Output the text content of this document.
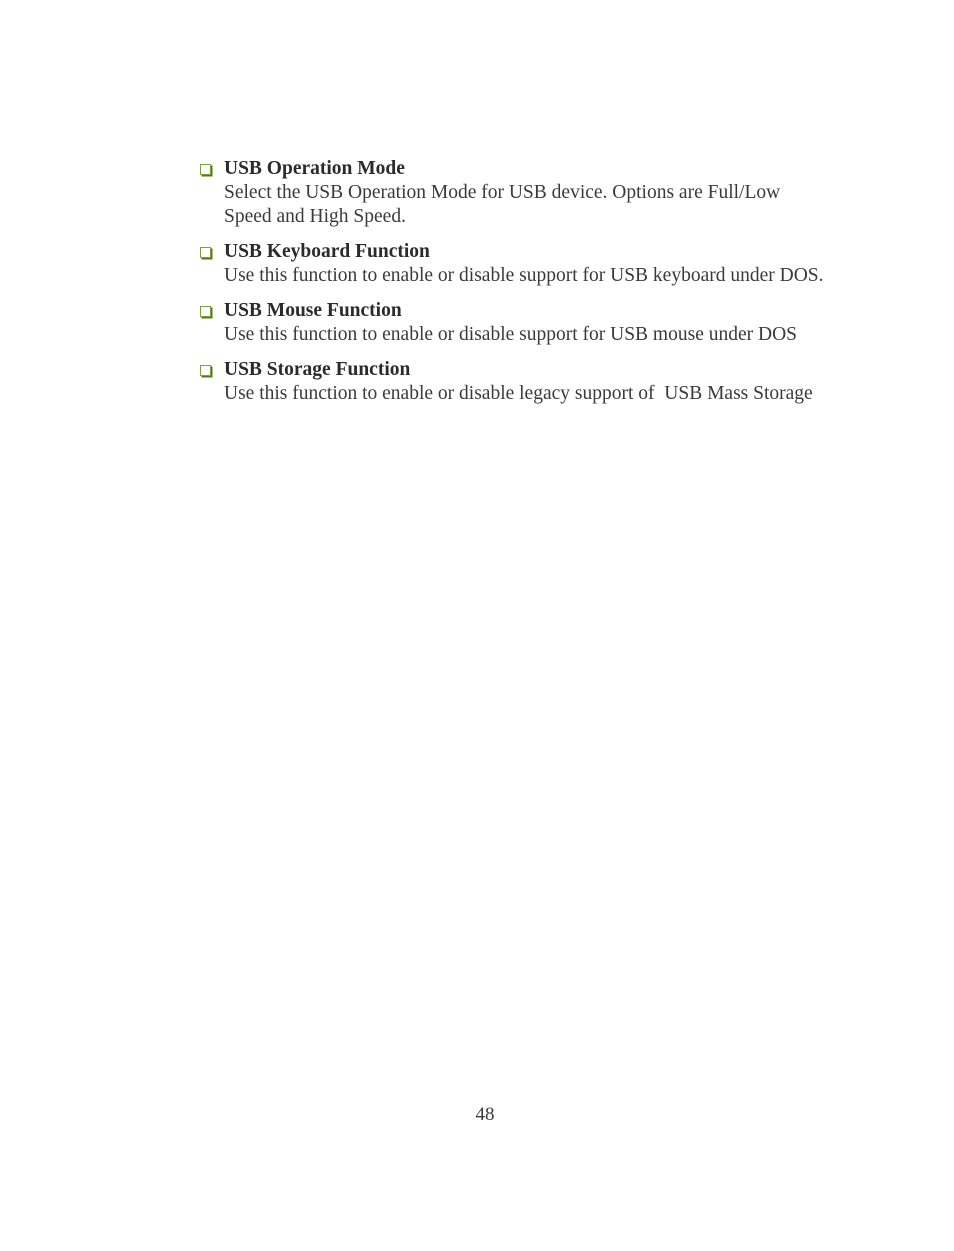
USB Operation Mode
Select the USB Operation Mode for USB device. Options are Full/Low Speed and High Speed.
USB Keyboard Function
Use this function to enable or disable support for USB keyboard under DOS.
USB Mouse Function
Use this function to enable or disable support for USB mouse under DOS
USB Storage Function
Use this function to enable or disable legacy support of  USB Mass Storage
48
